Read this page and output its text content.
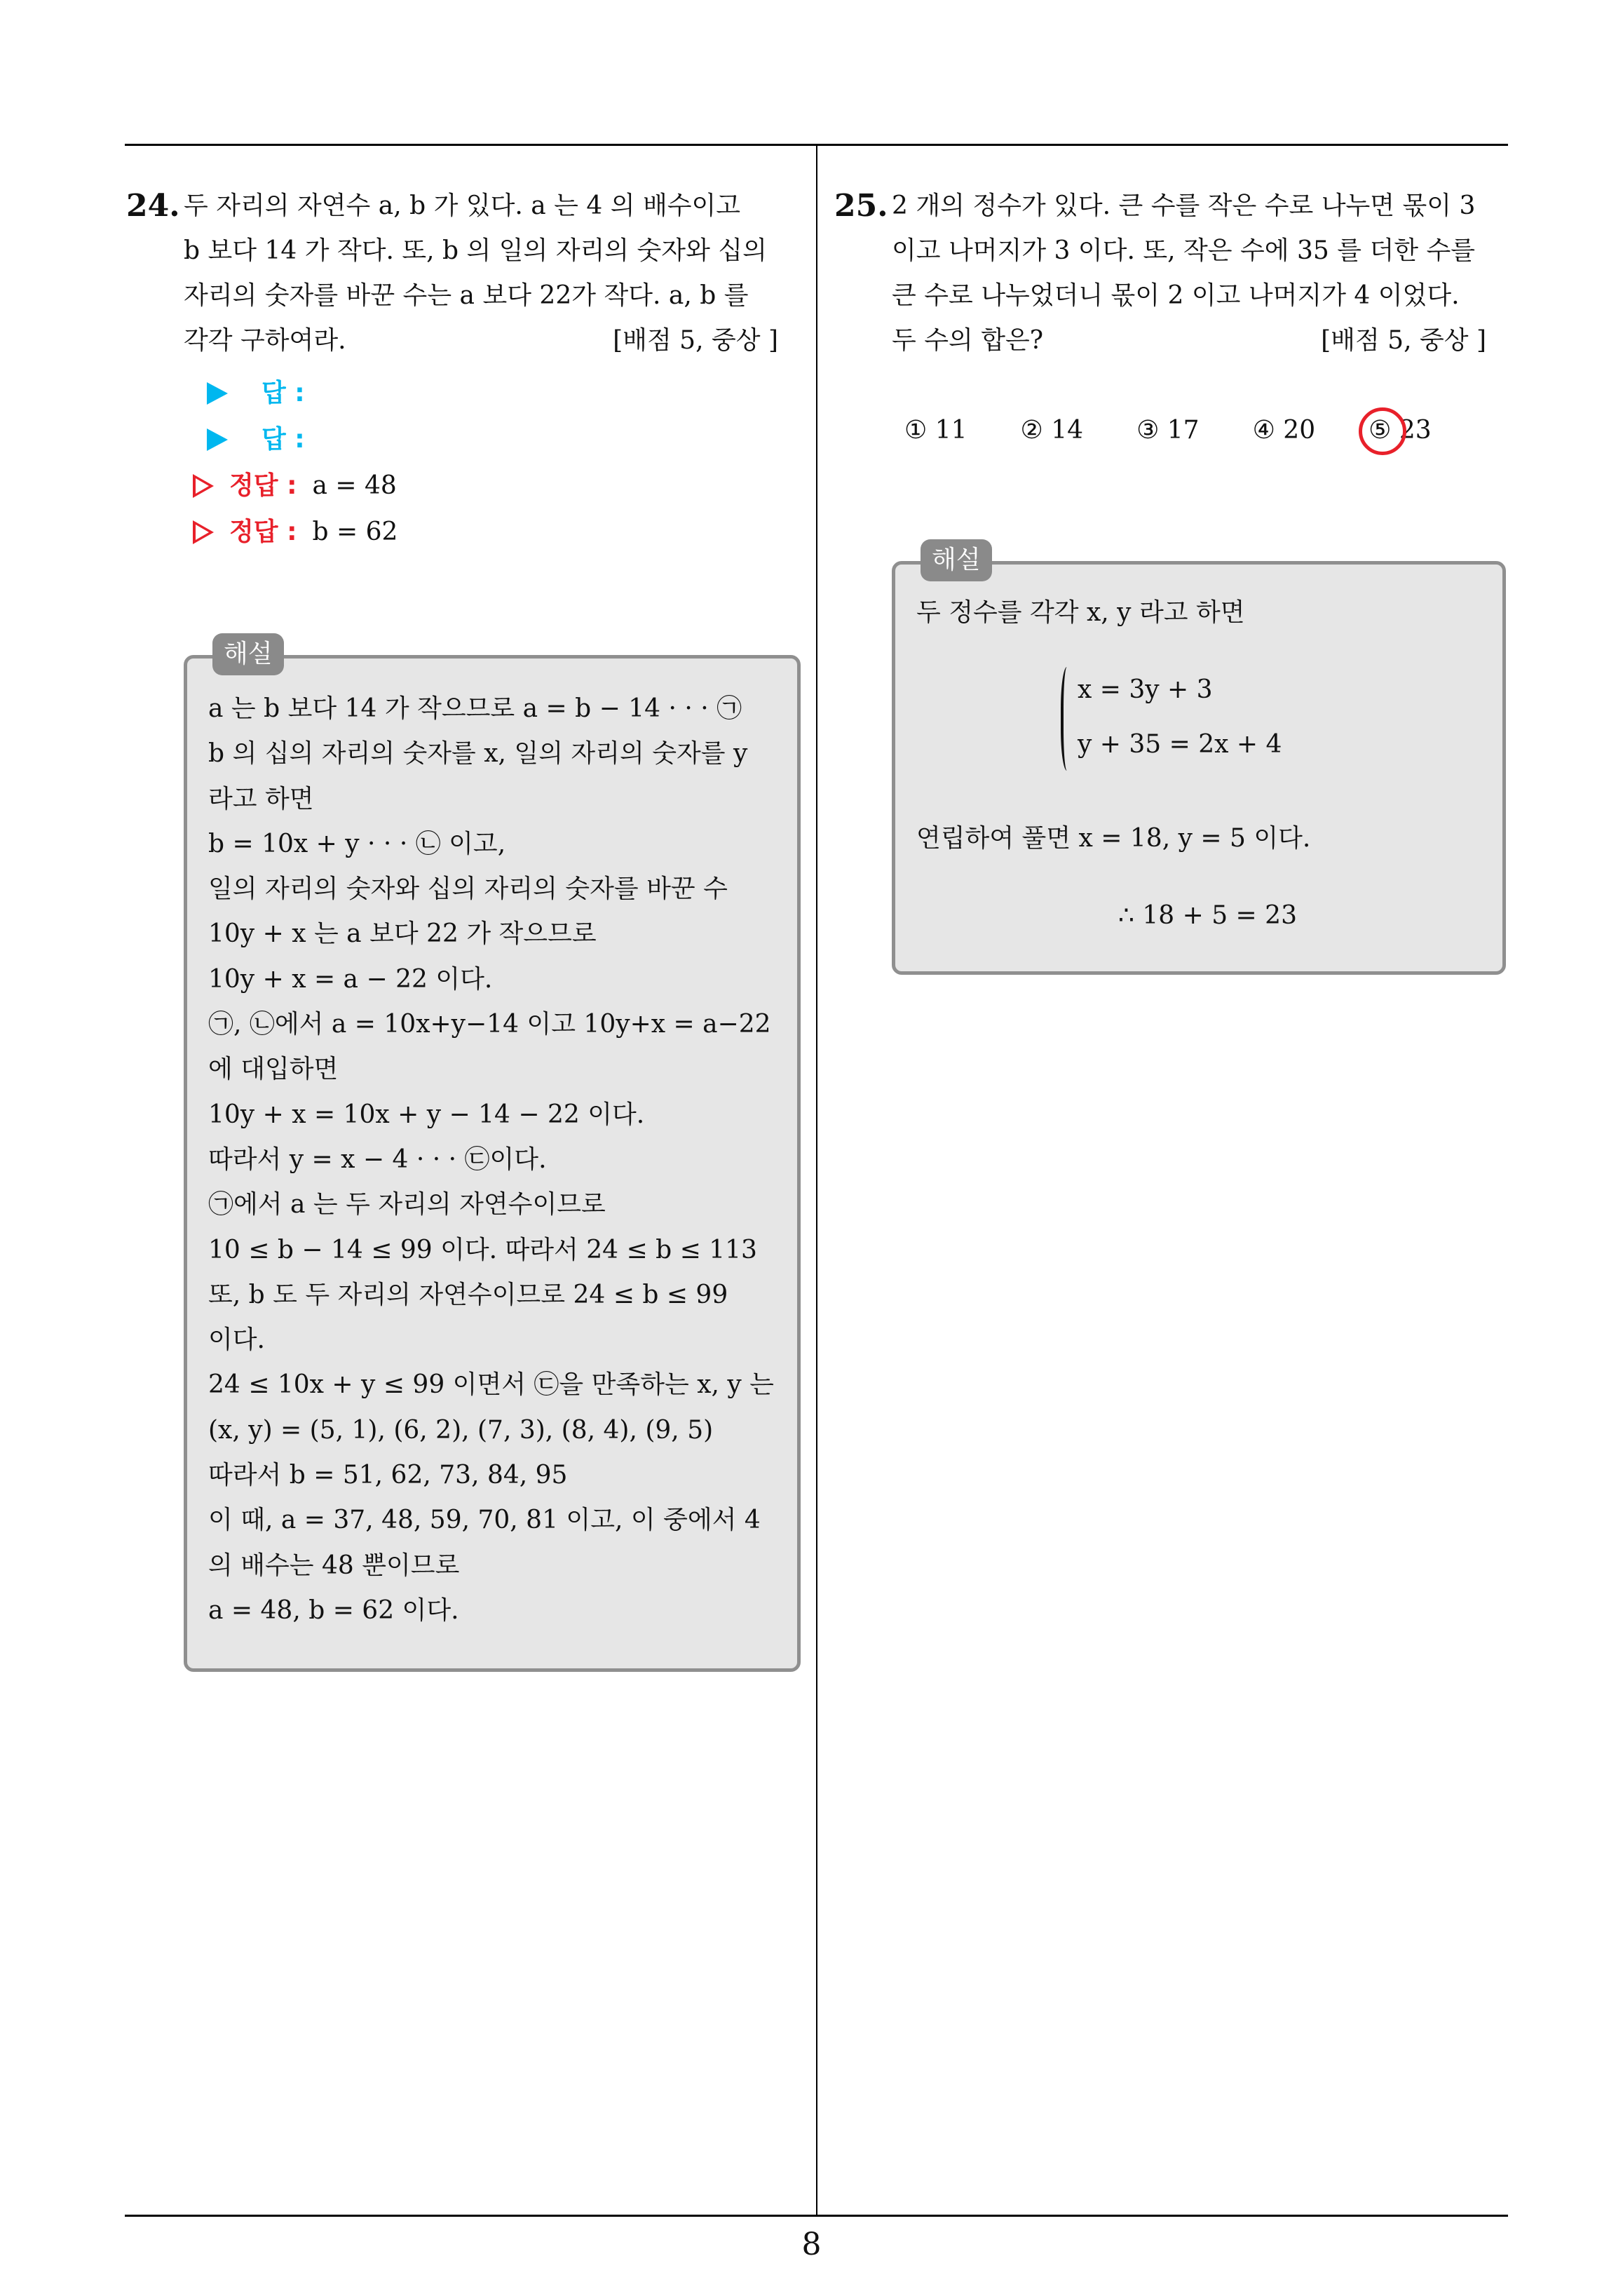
24. 두 자리의 자연수 a, b 가 있다. a 는 4 의 배수이고
b 보다 14 가 작다. 또, b 의 일의 자리의 숫자와 십의
자리의 숫자를 바꾼 수는 a 보다 22가 작다. a, b 를
각각 구하여라.	[배점 5, 중상 ]
답 :
답 :
정답 : a = 48
정답 : b = 62
해설
a 는 b 보다 14 가 작으므로 a = b − 14 · · · ㉠
b 의 십의 자리의 숫자를 x, 일의 자리의 숫자를 y
라고 하면
b = 10x + y · · · ㉡ 이고,
일의 자리의 숫자와 십의 자리의 숫자를 바꾼 수
10y + x 는 a 보다 22 가 작으므로
10y + x = a − 22 이다.
㉠, ㉡에서 a = 10x+y−14 이고 10y+x = a−22
에 대입하면
10y + x = 10x + y − 14 − 22 이다.
따라서 y = x − 4 · · · ㉢이다.
㉠에서 a 는 두 자리의 자연수이므로
10 ≤ b − 14 ≤ 99 이다. 따라서 24 ≤ b ≤ 113
또, b 도 두 자리의 자연수이므로 24 ≤ b ≤ 99
이다.
24 ≤ 10x + y ≤ 99 이면서 ㉢을 만족하는 x, y 는
(x, y) = (5, 1), (6, 2), (7, 3), (8, 4), (9, 5)
따라서 b = 51, 62, 73, 84, 95
이 때, a = 37, 48, 59, 70, 81 이고, 이 중에서 4
의 배수는 48 뿐이므로
a = 48, b = 62 이다.
25. 2 개의 정수가 있다. 큰 수를 작은 수로 나누면 몫이 3
이고 나머지가 3 이다. 또, 작은 수에 35 를 더한 수를
큰 수로 나누었더니 몫이 2 이고 나머지가 4 이었다.
두 수의 합은?	[배점 5, 중상 ]
① 11 ② 14 ③ 17 ④ 20 ⑤ 23
해설
두 정수를 각각 x, y 라고 하면
x = 3y + 3
y + 35 = 2x + 4
연립하여 풀면 x = 18, y = 5 이다.
∴ 18 + 5 = 23
8
